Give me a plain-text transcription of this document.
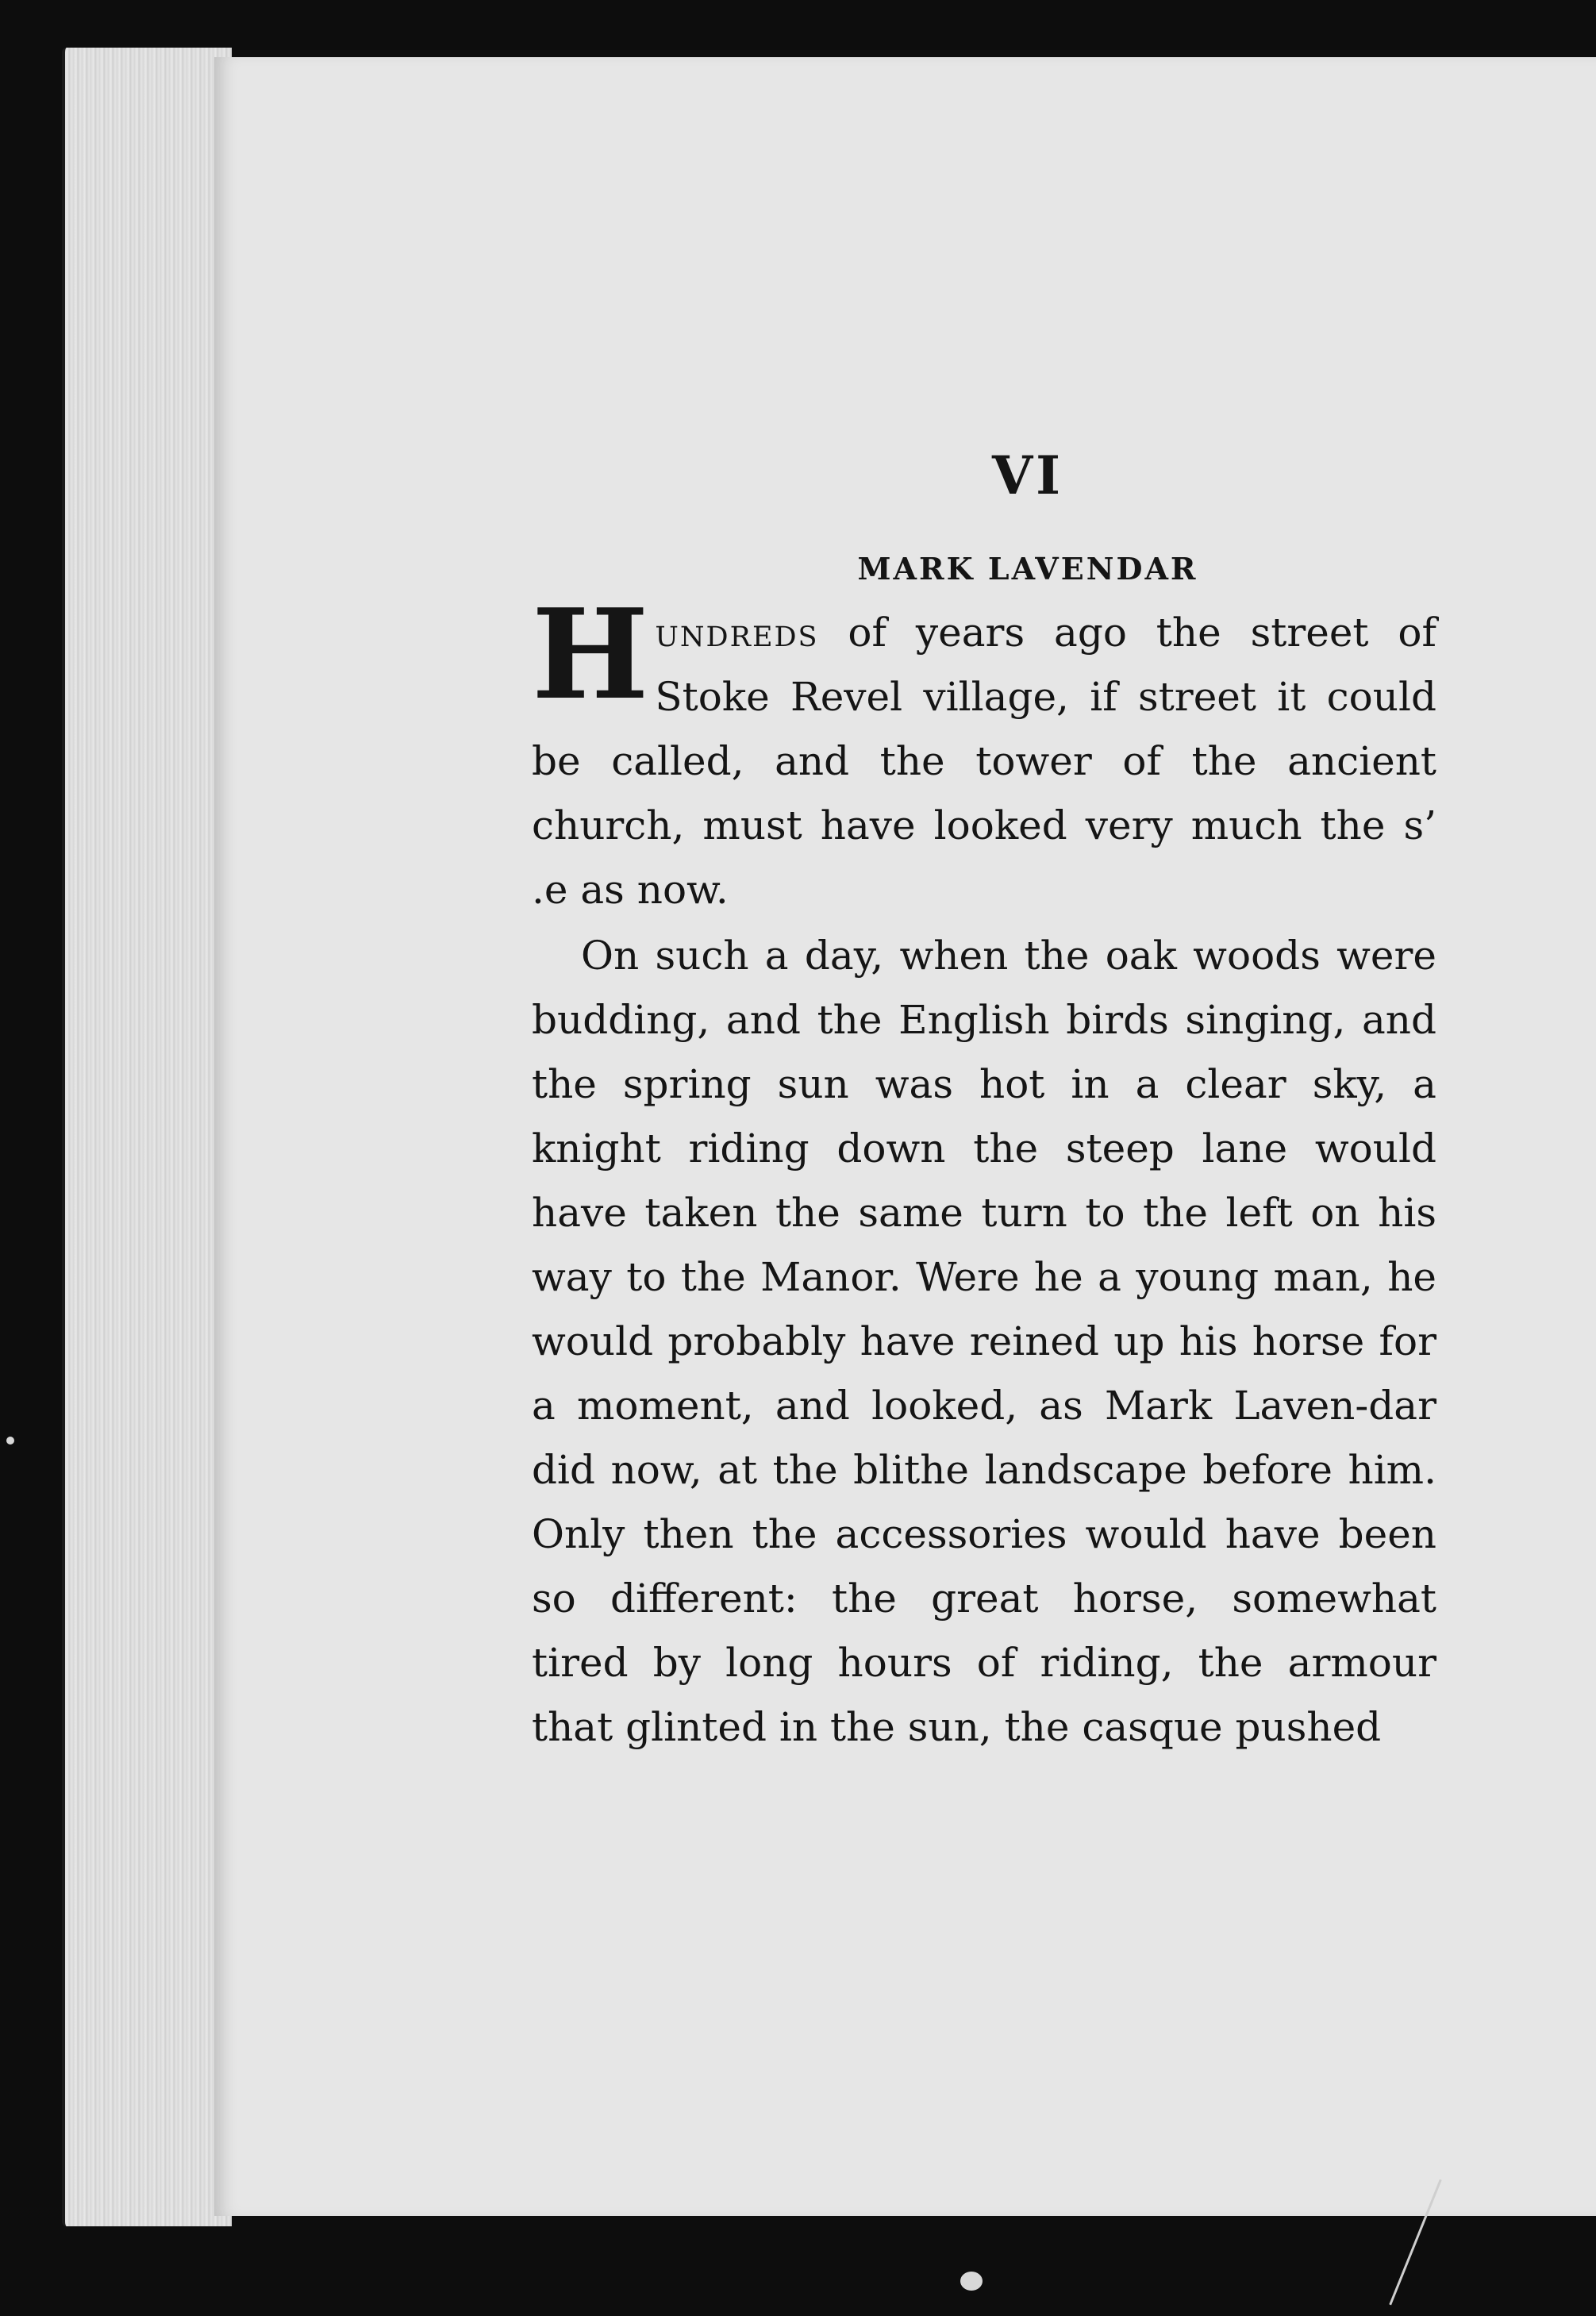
VI
MARK LAVENDAR

Hundreds of years ago the street of Stoke Revel village, if street it could be called, and the tower of the ancient church, must have looked very much the s’ .e as now.

On such a day, when the oak woods were budding, and the English birds singing, and the spring sun was hot in a clear sky, a knight riding down the steep lane would have taken the same turn to the left on his way to the Manor. Were he a young man, he would probably have reined up his horse for a moment, and looked, as Mark Laven-dar did now, at the blithe landscape before him. Only then the accessories would have been so different: the great horse, somewhat tired by long hours of riding, the armour that glinted in the sun, the casque pushed
